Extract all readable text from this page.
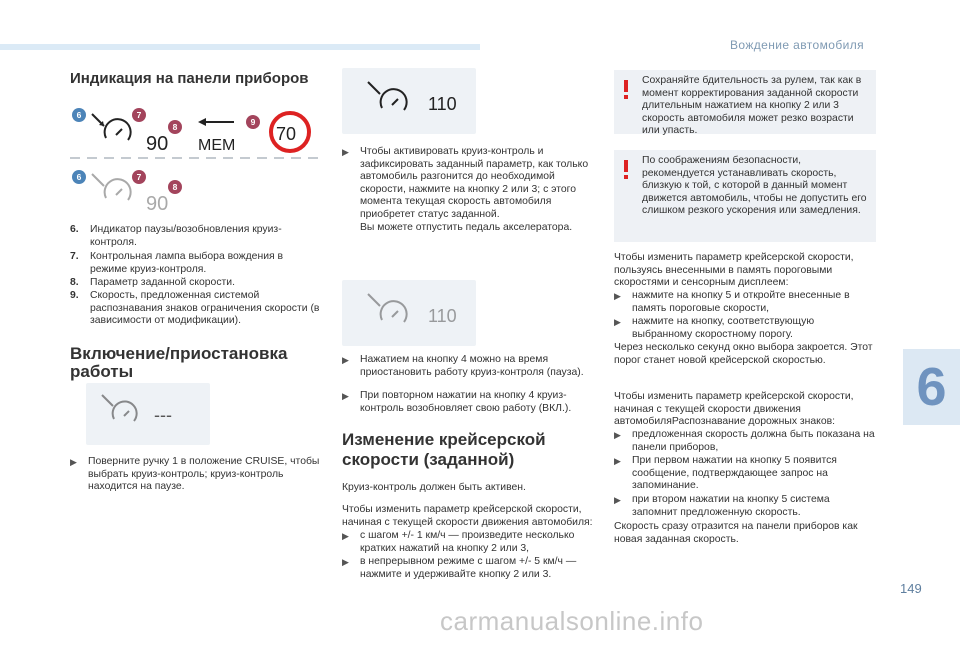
Вождение автомобиля
Индикация на панели приборов
90 MEM
70
90
6	7
8	9
6	7
8
6. Индикатор паузы/возобновления круиз-контроля.
7. Контрольная лампа выбора вождения в режиме круиз-контроля.
8. Параметр заданной скорости.
9. Скорость, предложенная системой распознавания знаков ограничения скорости (в зависимости от модификации).
Включение/приостановка работы
---
▶ Поверните ручку 1 в положение CRUISE, чтобы выбрать круиз-контроль; круиз-контроль находится на паузе.
110
▶ Чтобы активировать круиз-контроль и зафиксировать заданный параметр, как только автомобиль разгонится до необходимой скорости, нажмите на кнопку 2 или 3; с этого момента текущая скорость автомобиля приобретет статус заданной.
Вы можете отпустить педаль акселератора.
110
▶ Нажатием на кнопку 4 можно на время приостановить работу круиз-контроля (пауза).
▶ При повторном нажатии на кнопку 4 круиз-контроль возобновляет свою работу (ВКЛ.).
Изменение крейсерской скорости (заданной)
Круиз-контроль должен быть активен.
Чтобы изменить параметр крейсерской скорости, начиная с текущей скорости движения автомобиля:
▶ с шагом +/- 1 км/ч — произведите несколько кратких нажатий на кнопку 2 или 3,
▶ в непрерывном режиме с шагом +/- 5 км/ч — нажмите и удерживайте кнопку 2 или 3.
Сохраняйте бдительность за рулем, так как в момент корректирования заданной скорости длительным нажатием на кнопку 2 или 3 скорость автомобиля может резко возрасти или упасть.
По соображениям безопасности, рекомендуется устанавливать скорость, близкую к той, с которой в данный момент движется автомобиль, чтобы не допустить его слишком резкого ускорения или замедления.
Чтобы изменить параметр крейсерской скорости, пользуясь внесенными в память пороговыми скоростями и сенсорным дисплеем:
▶ нажмите на кнопку 5 и откройте внесенные в память пороговые скорости,
▶ нажмите на кнопку, соответствующую выбранному скоростному порогу.
Через несколько секунд окно выбора закроется. Этот порог станет новой крейсерской скоростью.
Чтобы изменить параметр крейсерской скорости, начиная с текущей скорости движения автомобиляРаспознавание дорожных знаков:
▶ предложенная скорость должна быть показана на панели приборов,
▶ При первом нажатии на кнопку 5 появится сообщение, подтверждающее запрос на запоминание.
▶ при втором нажатии на кнопку 5 система запомнит предложенную скорость.
Скорость сразу отразится на панели приборов как новая заданная скорость.
6
149
carmanualsonline.info
